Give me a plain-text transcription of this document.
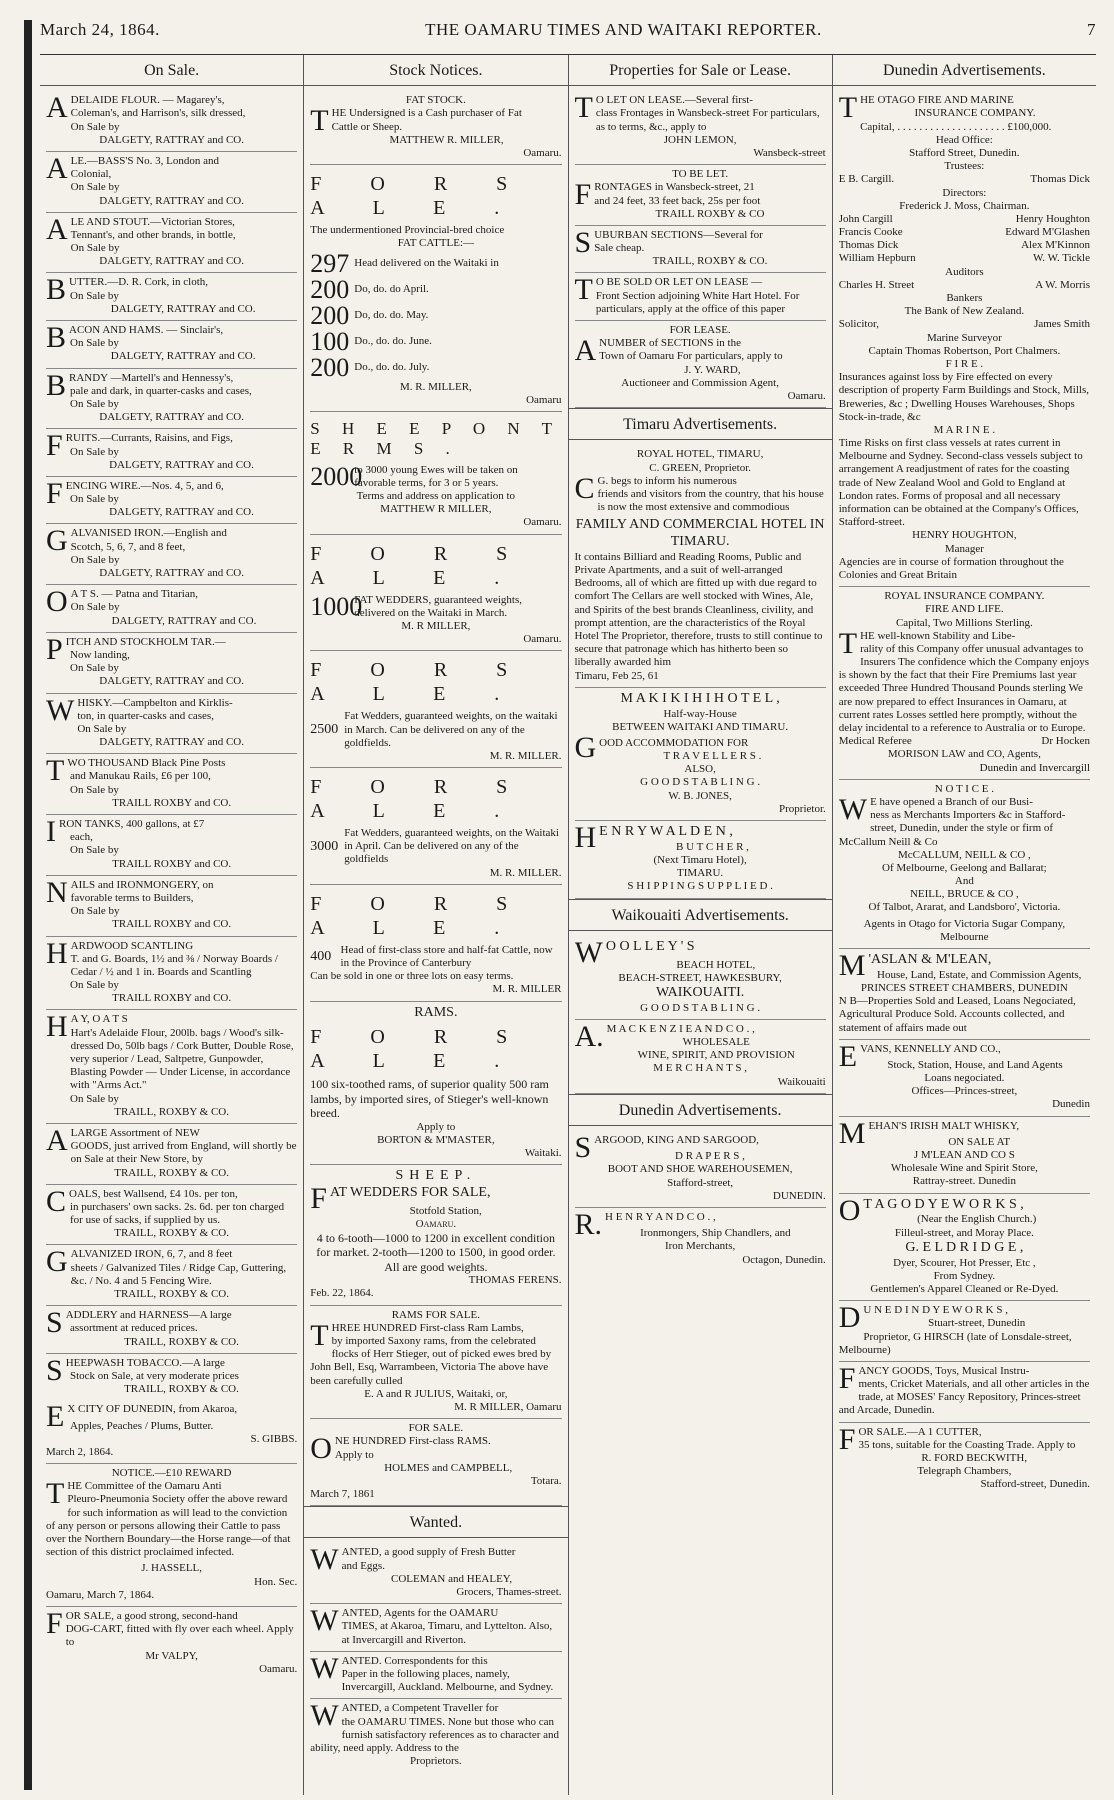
March 24, 1864.	THE OAMARU TIMES AND WAITAKI REPORTER.	7
On Sale.
A DELAIDE FLOUR. — Magarey's,
Coleman's, and Harrison's, silk dressed,
On Sale by
DALGETY, RATTRAY and CO.
A LE.—BASS'S No. 3, London and
Colonial,
On Sale by
DALGETY, RATTRAY and CO.
A LE AND STOUT.—Victorian Stores,
Tennant's, and other brands, in bottle,
On Sale by
DALGETY, RATTRAY and CO.
B UTTER.—D. R. Cork, in cloth,
On Sale by
DALGETY, RATTRAY and CO.
B ACON AND HAMS. — Sinclair's,
On Sale by
DALGETY, RATTRAY and CO.
B RANDY —Martell's and Hennessy's,
pale and dark, in quarter-casks and cases,
On Sale by
DALGETY, RATTRAY and CO.
F RUITS.—Currants, Raisins, and Figs,
On Sale by
DALGETY, RATTRAY and CO.
F ENCING WIRE.—Nos. 4, 5, and 6,
On Sale by
DALGETY, RATTRAY and CO.
G ALVANISED IRON.—English and
Scotch, 5, 6, 7, and 8 feet,
On Sale by
DALGETY, RATTRAY and CO.
O A T S. — Patna and Titarian,
On Sale by
DALGETY, RATTRAY and CO.
P ITCH AND STOCKHOLM TAR.—
Now landing,
On Sale by
DALGETY, RATTRAY and CO.
W HISKY.—Campbelton and Kirklis-
ton, in quarter-casks and cases,
On Sale by
DALGETY, RATTRAY and CO.
T WO THOUSAND Black Pine Posts
and Manukau Rails, £6 per 100,
On Sale by
TRAILL ROXBY and CO.
I RON TANKS, 400 gallons, at £7
each,
On Sale by
TRAILL ROXBY and CO.
N AILS and IRONMONGERY, on
favorable terms to Builders,
On Sale by
TRAILL ROXBY and CO.
H ARDWOOD SCANTLING
T. and G. Boards, 1½ and ⅜ / Norway Boards / Cedar / ½ and 1 in. Boards and Scantling
On Sale by
TRAILL ROXBY and CO.
H A Y, O A T S
Hart's Adelaide Flour, 200lb. bags / Wood's silk-dressed Do, 50lb bags / Cork Butter, Double Rose, very superior / Lead, Saltpetre, Gunpowder, Blasting Powder — Under License, in accordance with "Arms Act."
On Sale by
TRAILL, ROXBY & CO.
A LARGE Assortment of NEW
GOODS, just arrived from England, will shortly be on Sale at their New Store, by
TRAILL, ROXBY & CO.
C OALS, best Wallsend, £4 10s. per ton,
in purchasers' own sacks. 2s. 6d. per ton charged for use of sacks, if supplied by us.
TRAILL, ROXBY & CO.
G ALVANIZED IRON, 6, 7, and 8 feet
sheets / Galvanized Tiles / Ridge Cap, Guttering, &c. / No. 4 and 5 Fencing Wire.
TRAILL, ROXBY & CO.
S ADDLERY and HARNESS—A large
assortment at reduced prices.
TRAILL, ROXBY & CO.
S HEEPWASH TOBACCO.—A large
Stock on Sale, at very moderate prices
TRAILL, ROXBY & CO.
E X CITY OF DUNEDIN, from Akaroa,
Apples, Peaches / Plums, Butter.
S. GIBBS.
March 2, 1864.
NOTICE.—£10 REWARD
T HE Committee of the Oamaru Anti
Pleuro-Pneumonia Society offer the above reward for such information as will lead to the conviction of any person or persons allowing their Cattle to pass over the Northern Boundary—the Horse range—of that section of this district proclaimed infected.
J. HASSELL,
Hon. Sec.
Oamaru, March 7, 1864.
F OR SALE, a good strong, second-hand
DOG-CART, fitted with fly over each wheel. Apply to
Mr VALPY,
Oamaru.
Stock Notices.
FAT STOCK.
T HE Undersigned is a Cash purchaser of Fat
Cattle or Sheep.
MATTHEW R. MILLER,
Oamaru.
F O R S A L E .
The undermentioned Provincial-bred choice
FAT CATTLE:—
297 Head delivered on the Waitaki in
200 Do, do. do April.
200 Do, do. do. May.
100 Do., do. do. June.
200 Do., do. do. July.
M. R. MILLER,
Oamaru
S H E E P O N T E R M S .
2000
to 3000 young Ewes will be taken on favorable terms, for 3 or 5 years.
Terms and address on application to
MATTHEW R MILLER,
Oamaru.
F O R S A L E .
1000
FAT WEDDERS, guaranteed weights, delivered on the Waitaki in March.
M. R MILLER,
Oamaru.
F O R S A L E .
2500
Fat Wedders, guaranteed weights, on the waitaki in March. Can be delivered on any of the goldfields.
M. R. MILLER.
F O R S A L E .
3000
Fat Wedders, guaranteed weights, on the Waitaki in April. Can be delivered on any of the goldfields
M. R. MILLER.
F O R S A L E .
400 Head of first-class store and half-fat Cattle, now in the Province of Canterbury
Can be sold in one or three lots on easy terms.
M. R. MILLER
RAMS.
F O R S A L E .
100 six-toothed rams, of superior quality 500 ram lambs, by imported sires, of Stieger's well-known breed.
Apply to
BORTON & M'MASTER,
Waitaki.
SHEEP.
F AT WEDDERS FOR SALE,
Stotfold Station,
Oamaru.
4 to 6-tooth—1000 to 1200 in excellent condition for market. 2-tooth—1200 to 1500, in good order. All are good weights.
THOMAS FERENS.
Feb. 22, 1864.
RAMS FOR SALE.
T HREE HUNDRED First-class Ram Lambs,
by imported Saxony rams, from the celebrated flocks of Herr Stieger, out of picked ewes bred by John Bell, Esq, Warrambeen, Victoria The above have been carefully culled
E. A and R JULIUS, Waitaki, or,
M. R MILLER, Oamaru
FOR SALE.
O NE HUNDRED First-class RAMS.
Apply to
HOLMES and CAMPBELL,
Totara.
March 7, 1861
Wanted.
W ANTED, a good supply of Fresh Butter
and Eggs.
COLEMAN and HEALEY,
Grocers, Thames-street.
W ANTED, Agents for the OAMARU
TIMES, at Akaroa, Timaru, and Lyttelton. Also, at Invercargill and Riverton.
W ANTED. Correspondents for this
Paper in the following places, namely, Invercargill, Auckland. Melbourne, and Sydney.
W ANTED, a Competent Traveller for
the OAMARU TIMES. None but those who can furnish satisfactory references as to character and ability, need apply. Address to the
Proprietors.
Properties for Sale or Lease.
T O LET ON LEASE.—Several first-
class Frontages in Wansbeck-street For particulars, as to terms, &c., apply to
JOHN LEMON,
Wansbeck-street
TO BE LET.
F RONTAGES in Wansbeck-street, 21
and 24 feet, 33 feet back, 25s per foot
TRAILL ROXBY & CO
S UBURBAN SECTIONS—Several for
Sale cheap.
TRAILL, ROXBY & CO.
T O BE SOLD OR LET ON LEASE —
Front Section adjoining White Hart Hotel. For particulars, apply at the office of this paper
FOR LEASE.
A NUMBER of SECTIONS in the
Town of Oamaru For particulars, apply to
J. Y. WARD,
Auctioneer and Commission Agent,
Oamaru.
Timaru Advertisements.
ROYAL HOTEL, TIMARU,
C. GREEN, Proprietor.
C G. begs to inform his numerous
friends and visitors from the country, that his house is now the most extensive and commodious
FAMILY AND COMMERCIAL HOTEL IN TIMARU.
It contains Billiard and Reading Rooms, Public and Private Apartments, and a suit of well-arranged Bedrooms, all of which are fitted up with due regard to comfort The Cellars are well stocked with Wines, Ale, and Spirits of the best brands Cleanliness, civility, and prompt attention, are the characteristics of the Royal Hotel The Proprietor, therefore, trusts to still continue to secure that patronage which has hitherto been so liberally awarded him
Timaru, Feb 25, 61
M A K I K I H I H O T E L ,
Half-way-House
BETWEEN WAITAKI AND TIMARU.
G OOD ACCOMMODATION FOR
T R A V E L L E R S .
ALSO,
G O O D S T A B L I N G .
W. B. JONES,
Proprietor.
H E N R Y W A L D E N ,
B U T C H E R ,
(Next Timaru Hotel),
TIMARU.
S H I P P I N G S U P P L I E D .
Waikouaiti Advertisements.
W O O L L E Y ' S
BEACH HOTEL,
BEACH-STREET, HAWKESBURY,
WAIKOUAITI.
G O O D S T A B L I N G .
A. M A C K E N Z I E A N D C O . ,
WHOLESALE
WINE, SPIRIT, AND PROVISION
M E R C H A N T S ,
Waikouaiti
Dunedin Advertisements.
S ARGOOD, KING AND SARGOOD,
D R A P E R S ,
BOOT AND SHOE WAREHOUSEMEN,
Stafford-street,
DUNEDIN.
R. H E N R Y A N D C O . ,
Ironmongers, Ship Chandlers, and
Iron Merchants,
Octagon, Dunedin.
Dunedin Advertisements.
T HE OTAGO FIRE AND MARINE
INSURANCE COMPANY.
Capital, . . . . . . . . . . . . . . . . . . . . £100,000.
Head Office:
Stafford Street, Dunedin.
Trustees:
E B. Cargill.	Thomas Dick
Directors:
Frederick J. Moss, Chairman.
John Cargill	Henry Houghton
Francis Cooke	Edward M'Glashen
Thomas Dick	Alex M'Kinnon
William Hepburn	W. W. Tickle
Auditors
Charles H. Street	A W. Morris
Bankers
The Bank of New Zealand.
Solicitor,	James Smith
Marine Surveyor
Captain Thomas Robertson, Port Chalmers.
F I R E .
Insurances against loss by Fire effected on every description of property Farm Buildings and Stock, Mills, Breweries, &c ; Dwelling Houses Warehouses, Shops Stock-in-trade, &c
M A R I N E .
Time Risks on first class vessels at rates current in Melbourne and Sydney. Second-class vessels subject to arrangement A readjustment of rates for the coasting trade of New Zealand Wool and Gold to England at London rates. Forms of proposal and all necessary information can be obtained at the Company's Offices, Stafford-street.
HENRY HOUGHTON,
Manager
Agencies are in course of formation throughout the Colonies and Great Britain
ROYAL INSURANCE COMPANY.
FIRE AND LIFE.
Capital, Two Millions Sterling.
T HE well-known Stability and Libe-
rality of this Company offer unusual advantages to Insurers The confidence which the Company enjoys is shown by the fact that their Fire Premiums last year exceeded Three Hundred Thousand Pounds sterling We are now prepared to effect Insurances in Oamaru, at current rates Losses settled here promptly, without the delay incidental to a reference to Australia or to Europe.
Medical Referee	Dr Hocken
MORISON LAW and CO, Agents,
Dunedin and Invercargill
N O T I C E .
W E have opened a Branch of our Busi-
ness as Merchants Importers &c in Stafford-street, Dunedin, under the style or firm of McCallum Neill & Co
McCALLUM, NEILL & CO ,
Of Melbourne, Geelong and Ballarat;
And
NEILL, BRUCE & CO ,
Of Talbot, Ararat, and Landsboro', Victoria.
Agents in Otago for Victoria Sugar Company, Melbourne
M 'ASLAN & M'LEAN,
House, Land, Estate, and Commission Agents,
PRINCES STREET CHAMBERS, DUNEDIN
N B—Properties Sold and Leased, Loans Negociated, Agricultural Produce Sold. Accounts collected, and statement of affairs made out
E VANS, KENNELLY AND CO.,
Stock, Station, House, and Land Agents
Loans negociated.
Offices—Princes-street,
Dunedin
M EHAN'S IRISH MALT WHISKY,
ON SALE AT
J M'LEAN AND CO S
Wholesale Wine and Spirit Store,
Rattray-street. Dunedin
O T A G O D Y E W O R K S ,
(Near the English Church.)
Filleul-street, and Moray Place.
G. E L D R I D G E ,
Dyer, Scourer, Hot Presser, Etc ,
From Sydney.
Gentlemen's Apparel Cleaned or Re-Dyed.
D U N E D I N D Y E W O R K S ,
Stuart-street, Dunedin
Proprietor, G HIRSCH (late of Lonsdale-street, Melbourne)
F ANCY GOODS, Toys, Musical Instru-
ments, Cricket Materials, and all other articles in the trade, at MOSES' Fancy Repository, Princes-street and Arcade, Dunedin.
F OR SALE.—A 1 CUTTER,
35 tons, suitable for the Coasting Trade. Apply to
R. FORD BECKWITH,
Telegraph Chambers,
Stafford-street, Dunedin.
